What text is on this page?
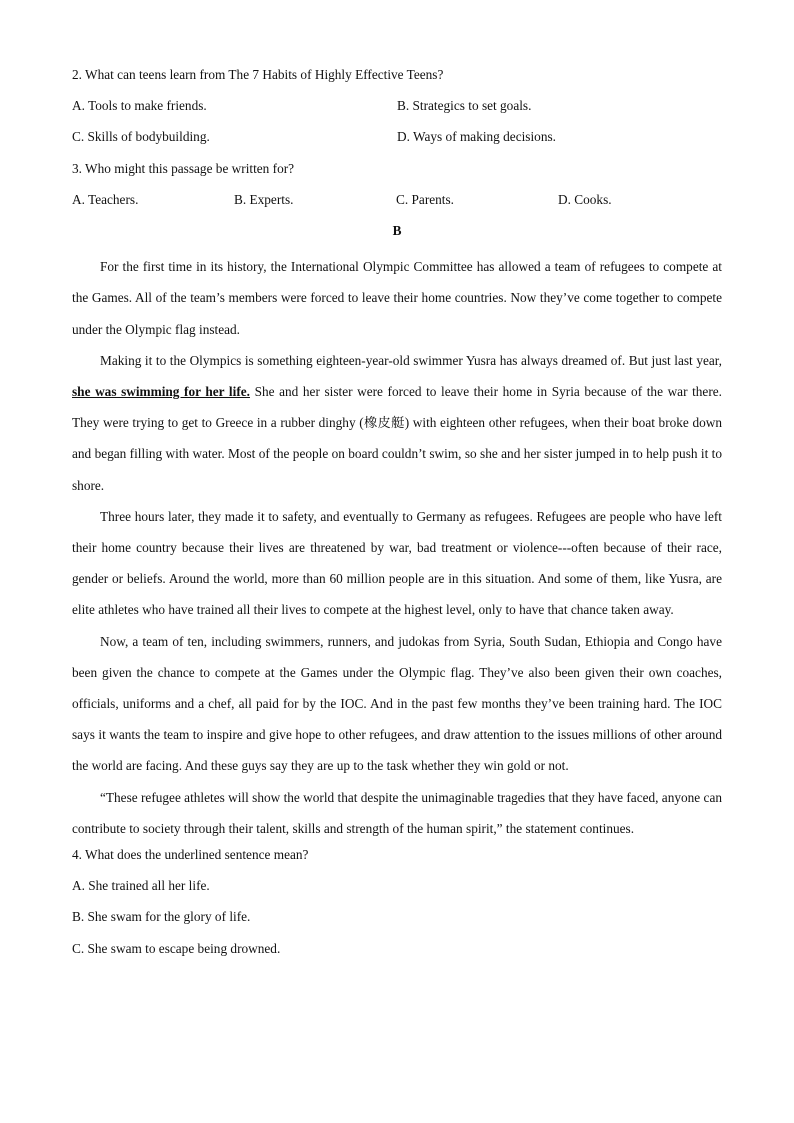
2. What can teens learn from The 7 Habits of Highly Effective Teens?
A. Tools to make friends.	B. Strategics to set goals.
C. Skills of bodybuilding.	D. Ways of making decisions.
3. Who might this passage be written for?
A. Teachers.	B. Experts.	C. Parents.	D. Cooks.
B

For the first time in its history, the International Olympic Committee has allowed a team of refugees to compete at the Games. All of the team’s members were forced to leave their home countries. Now they’ve come together to compete under the Olympic flag instead.

Making it to the Olympics is something eighteen-year-old swimmer Yusra has always dreamed of. But just last year, she was swimming for her life. She and her sister were forced to leave their home in Syria because of the war there. They were trying to get to Greece in a rubber dinghy (橡皮艇) with eighteen other refugees, when their boat broke down and began filling with water. Most of the people on board couldn’t swim, so she and her sister jumped in to help push it to shore.

Three hours later, they made it to safety, and eventually to Germany as refugees. Refugees are people who have left their home country because their lives are threatened by war, bad treatment or violence---often because of their race, gender or beliefs. Around the world, more than 60 million people are in this situation. And some of them, like Yusra, are elite athletes who have trained all their lives to compete at the highest level, only to have that chance taken away.

Now, a team of ten, including swimmers, runners, and judokas from Syria, South Sudan, Ethiopia and Congo have been given the chance to compete at the Games under the Olympic flag. They’ve also been given their own coaches, officials, uniforms and a chef, all paid for by the IOC. And in the past few months they’ve been training hard. The IOC says it wants the team to inspire and give hope to other refugees, and draw attention to the issues millions of other around the world are facing. And these guys say they are up to the task whether they win gold or not.

“These refugee athletes will show the world that despite the unimaginable tragedies that they have faced, anyone can contribute to society through their talent, skills and strength of the human spirit,” the statement continues.

4. What does the underlined sentence mean?
A. She trained all her life.
B. She swam for the glory of life.
C. She swam to escape being drowned.
